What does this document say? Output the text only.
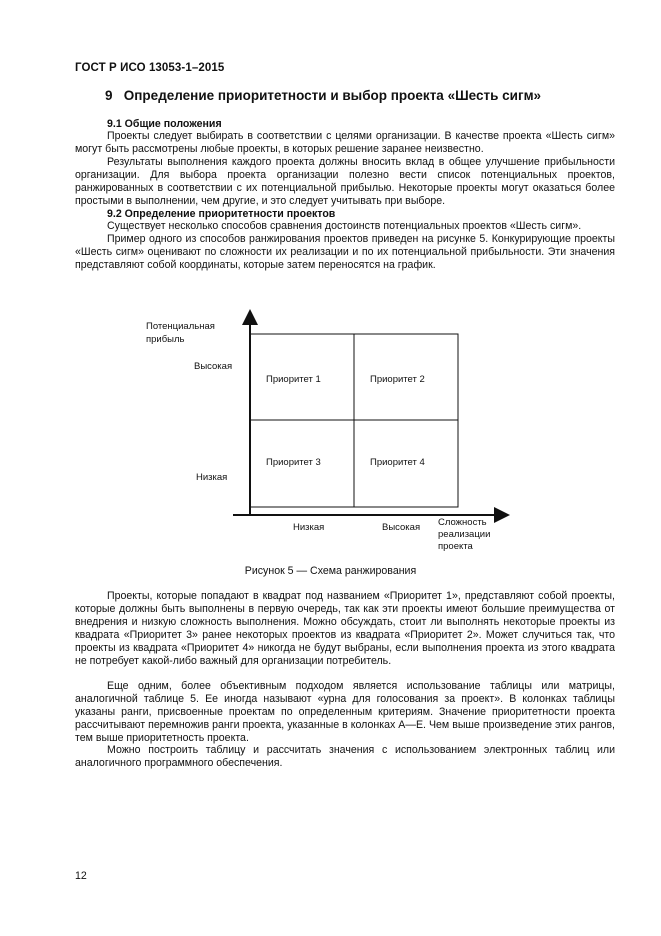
ГОСТ Р ИСО 13053-1–2015
9 Определение приоритетности и выбор проекта «Шесть сигм»
9.1 Общие положения
Проекты следует выбирать в соответствии с целями организации. В качестве проекта «Шесть сигм» могут быть рассмотрены любые проекты, в которых решение заранее неизвестно.
Результаты выполнения каждого проекта должны вносить вклад в общее улучшение прибыльности организации. Для выбора проекта организации полезно вести список потенциальных проектов, ранжированных в соответствии с их потенциальной прибылью. Некоторые проекты могут оказаться более простыми в выполнении, чем другие, и это следует учитывать при выборе.
9.2 Определение приоритетности проектов
Существует несколько способов сравнения достоинств потенциальных проектов «Шесть сигм».
Пример одного из способов ранжирования проектов приведен на рисунке 5. Конкурирующие проекты «Шесть сигм» оценивают по сложности их реализации и по их потенциальной прибыльности. Эти значения представляют собой координаты, которые затем переносятся на график.
Приоритет 1	Приоритет 2
Приоритет 3	Приоритет 4
Потенциальная
прибыль
Высокая
Низкая
Низкая	Высокая Сложность
реализации
проекта
Рисунок 5 — Схема ранжирования
Проекты, которые попадают в квадрат под названием «Приоритет 1», представляют собой проекты, которые должны быть выполнены в первую очередь, так как эти проекты имеют большие преимущества от внедрения и низкую сложность выполнения. Можно обсуждать, стоит ли выполнять некоторые проекты из квадрата «Приоритет 3» ранее некоторых проектов из квадрата «Приоритет 2». Может случиться так, что проекты из квадрата «Приоритет 4» никогда не будут выбраны, если выполнения проекта из этого квадрата не потребует какой-либо важный для организации потребитель.
Еще одним, более объективным подходом является использование таблицы или матрицы, аналогичной таблице 5. Ее иногда называют «урна для голосования за проект». В колонках таблицы указаны ранги, присвоенные проектам по определенным критериям. Значение приоритетности проекта рассчитывают перемножив ранги проекта, указанные в колонках А—Е. Чем выше произведение этих рангов, тем выше приоритетность проекта.
Можно построить таблицу и рассчитать значения с использованием электронных таблиц или аналогичного программного обеспечения.
12
